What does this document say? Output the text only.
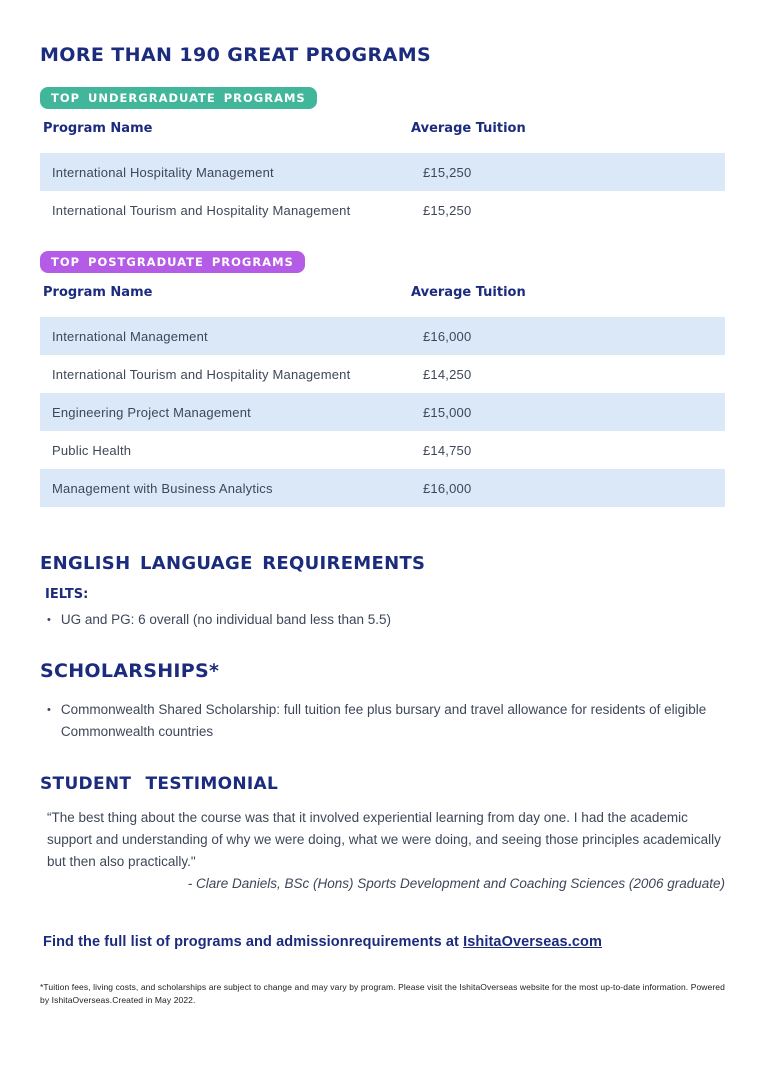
MORE THAN 190 GREAT PROGRAMS
TOP UNDERGRADUATE PROGRAMS
Program Name	Average Tuition
International Hospitality Management	£15,250
International Tourism and Hospitality Management	£15,250
TOP POSTGRADUATE PROGRAMS
Program Name	Average Tuition
International Management	£16,000
International Tourism and Hospitality Management	£14,250
Engineering Project Management	£15,000
Public Health	£14,750
Management with Business Analytics	£16,000
ENGLISH LANGUAGE REQUIREMENTS
IELTS:
• UG and PG: 6 overall (no individual band less than 5.5)
SCHOLARSHIPS*
• Commonwealth Shared Scholarship: full tuition fee plus bursary and travel allowance for residents of eligible Commonwealth countries
STUDENT TESTIMONIAL
“The best thing about the course was that it involved experiential learning from day one. I had the academic support and understanding of why we were doing, what we were doing, and seeing those principles academically but then also practically."
- Clare Daniels, BSc (Hons) Sports Development and Coaching Sciences (2006 graduate)
Find the full list of programs and admissionrequirements at IshitaOverseas.com
*Tuition fees, living costs, and scholarships are subject to change and may vary by program. Please visit the IshitaOverseas website for the most up-to-date information. Powered by IshitaOverseas.Created in May 2022.
